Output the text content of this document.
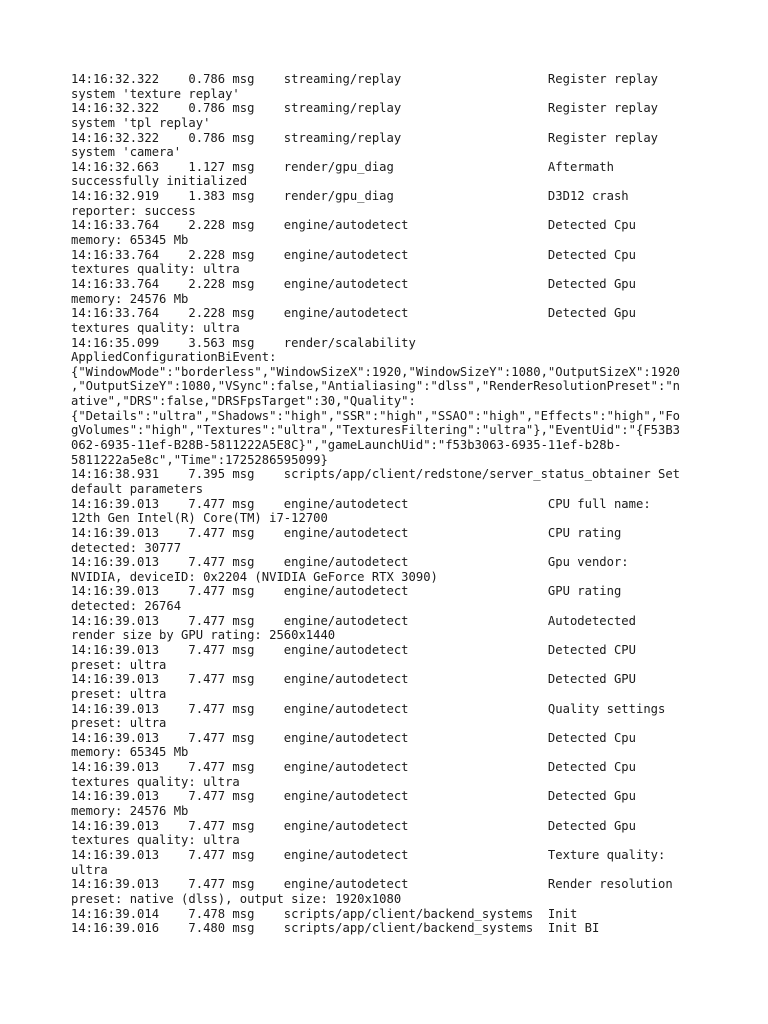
14:16:32.322    0.786 msg    streaming/replay                    Register replay
system 'texture replay'
14:16:32.322    0.786 msg    streaming/replay                    Register replay
system 'tpl replay'
14:16:32.322    0.786 msg    streaming/replay                    Register replay
system 'camera'
14:16:32.663    1.127 msg    render/gpu_diag                     Aftermath
successfully initialized
14:16:32.919    1.383 msg    render/gpu_diag                     D3D12 crash
reporter: success
14:16:33.764    2.228 msg    engine/autodetect                   Detected Cpu
memory: 65345 Mb
14:16:33.764    2.228 msg    engine/autodetect                   Detected Cpu
textures quality: ultra
14:16:33.764    2.228 msg    engine/autodetect                   Detected Gpu
memory: 24576 Mb
14:16:33.764    2.228 msg    engine/autodetect                   Detected Gpu
textures quality: ultra
14:16:35.099    3.563 msg    render/scalability
AppliedConfigurationBiEvent:
{"WindowMode":"borderless","WindowSizeX":1920,"WindowSizeY":1080,"OutputSizeX":1920
,"OutputSizeY":1080,"VSync":false,"Antialiasing":"dlss","RenderResolutionPreset":"n
ative","DRS":false,"DRSFpsTarget":30,"Quality":
{"Details":"ultra","Shadows":"high","SSR":"high","SSAO":"high","Effects":"high","Fo
gVolumes":"high","Textures":"ultra","TexturesFiltering":"ultra"},"EventUid":"{F53B3
062-6935-11ef-B28B-5811222A5E8C}","gameLaunchUid":"f53b3063-6935-11ef-b28b-
5811222a5e8c","Time":1725286595099}
14:16:38.931    7.395 msg    scripts/app/client/redstone/server_status_obtainer Set
default parameters
14:16:39.013    7.477 msg    engine/autodetect                   CPU full name:
12th Gen Intel(R) Core(TM) i7-12700
14:16:39.013    7.477 msg    engine/autodetect                   CPU rating
detected: 30777
14:16:39.013    7.477 msg    engine/autodetect                   Gpu vendor:
NVIDIA, deviceID: 0x2204 (NVIDIA GeForce RTX 3090)
14:16:39.013    7.477 msg    engine/autodetect                   GPU rating
detected: 26764
14:16:39.013    7.477 msg    engine/autodetect                   Autodetected
render size by GPU rating: 2560x1440
14:16:39.013    7.477 msg    engine/autodetect                   Detected CPU
preset: ultra
14:16:39.013    7.477 msg    engine/autodetect                   Detected GPU
preset: ultra
14:16:39.013    7.477 msg    engine/autodetect                   Quality settings
preset: ultra
14:16:39.013    7.477 msg    engine/autodetect                   Detected Cpu
memory: 65345 Mb
14:16:39.013    7.477 msg    engine/autodetect                   Detected Cpu
textures quality: ultra
14:16:39.013    7.477 msg    engine/autodetect                   Detected Gpu
memory: 24576 Mb
14:16:39.013    7.477 msg    engine/autodetect                   Detected Gpu
textures quality: ultra
14:16:39.013    7.477 msg    engine/autodetect                   Texture quality:
ultra
14:16:39.013    7.477 msg    engine/autodetect                   Render resolution
preset: native (dlss), output size: 1920x1080
14:16:39.014    7.478 msg    scripts/app/client/backend_systems  Init
14:16:39.016    7.480 msg    scripts/app/client/backend_systems  Init BI
